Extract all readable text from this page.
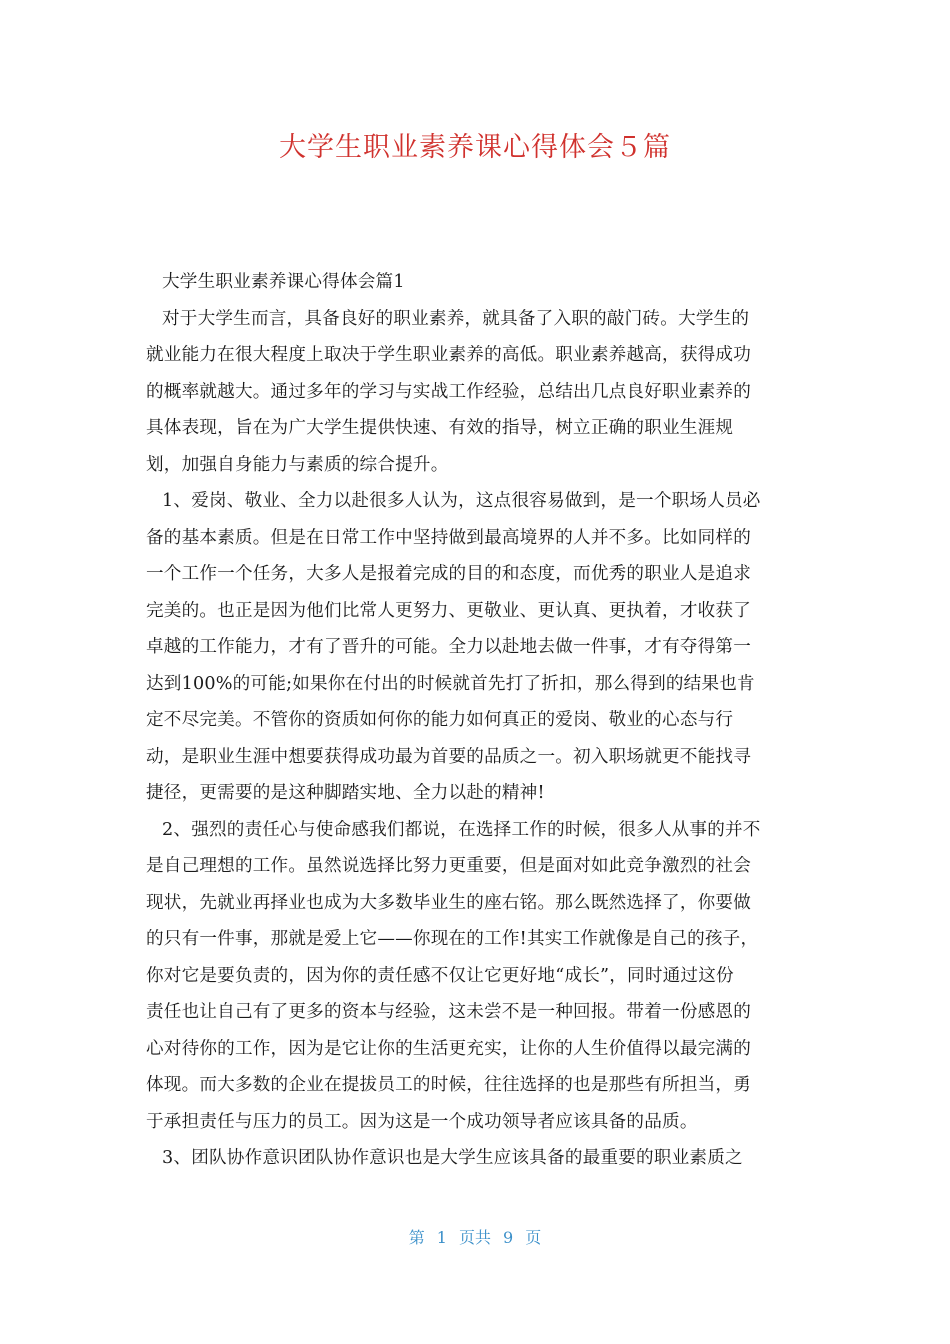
大学生职业素养课心得体会５篇
大学生职业素养课心得体会篇1
对于大学生而言，具备良好的职业素养，就具备了入职的敲门砖。大学生的
就业能力在很大程度上取决于学生职业素养的高低。职业素养越高，获得成功
的概率就越大。通过多年的学习与实战工作经验，总结出几点良好职业素养的
具体表现，旨在为广大学生提供快速、有效的指导，树立正确的职业生涯规
划，加强自身能力与素质的综合提升。
1、爱岗、敬业、全力以赴很多人认为，这点很容易做到，是一个职场人员必
备的基本素质。但是在日常工作中坚持做到最高境界的人并不多。比如同样的
一个工作一个任务，大多人是报着完成的目的和态度，而优秀的职业人是追求
完美的。也正是因为他们比常人更努力、更敬业、更认真、更执着，才收获了
卓越的工作能力，才有了晋升的可能。全力以赴地去做一件事，才有夺得第一
达到100%的可能;如果你在付出的时候就首先打了折扣，那么得到的结果也肯
定不尽完美。不管你的资质如何你的能力如何真正的爱岗、敬业的心态与行
动，是职业生涯中想要获得成功最为首要的品质之一。初入职场就更不能找寻
捷径，更需要的是这种脚踏实地、全力以赴的精神!
2、强烈的责任心与使命感我们都说，在选择工作的时候，很多人从事的并不
是自己理想的工作。虽然说选择比努力更重要，但是面对如此竞争激烈的社会
现状，先就业再择业也成为大多数毕业生的座右铭。那么既然选择了，你要做
的只有一件事，那就是爱上它——你现在的工作!其实工作就像是自己的孩子，
你对它是要负责的，因为你的责任感不仅让它更好地“成长”，同时通过这份
责任也让自己有了更多的资本与经验，这未尝不是一种回报。带着一份感恩的
心对待你的工作，因为是它让你的生活更充实，让你的人生价值得以最完满的
体现。而大多数的企业在提拔员工的时候，往往选择的也是那些有所担当，勇
于承担责任与压力的员工。因为这是一个成功领导者应该具备的品质。
3、团队协作意识团队协作意识也是大学生应该具备的最重要的职业素质之
第 1 页共 9 页
